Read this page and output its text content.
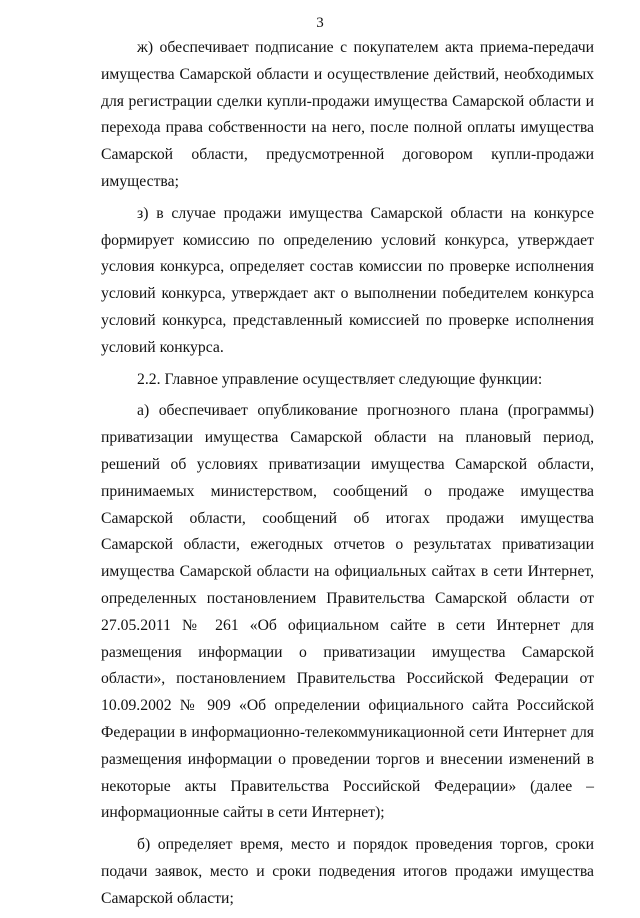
3

ж) обеспечивает подписание с покупателем акта приема-передачи имущества Самарской области и осуществление действий, необходимых для регистрации сделки купли-продажи имущества Самарской области и перехода права собственности на него, после полной оплаты имущества Самарской области, предусмотренной договором купли-продажи имущества;

з) в случае продажи имущества Самарской области на конкурсе формирует комиссию по определению условий конкурса, утверждает условия конкурса, определяет состав комиссии по проверке исполнения условий конкурса, утверждает акт о выполнении победителем конкурса условий конкурса, представленный комиссией по проверке исполнения условий конкурса.

2.2. Главное управление осуществляет следующие функции:

а) обеспечивает опубликование прогнозного плана (программы) приватизации имущества Самарской области на плановый период, решений об условиях приватизации имущества Самарской области, принимаемых министерством, сообщений о продаже имущества Самарской области, сообщений об итогах продажи имущества Самарской области, ежегодных отчетов о результатах приватизации имущества Самарской области на официальных сайтах в сети Интернет, определенных постановлением Правительства Самарской области от 27.05.2011 № 261 «Об официальном сайте в сети Интернет для размещения информации о приватизации имущества Самарской области», постановлением Правительства Российской Федерации от 10.09.2002 № 909 «Об определении официального сайта Российской Федерации в информационно-телекоммуникационной сети Интернет для размещения информации о проведении торгов и внесении изменений в некоторые акты Правительства Российской Федерации» (далее – информационные сайты в сети Интернет);

б) определяет время, место и порядок проведения торгов, сроки подачи заявок, место и сроки подведения итогов продажи имущества Самарской области;
